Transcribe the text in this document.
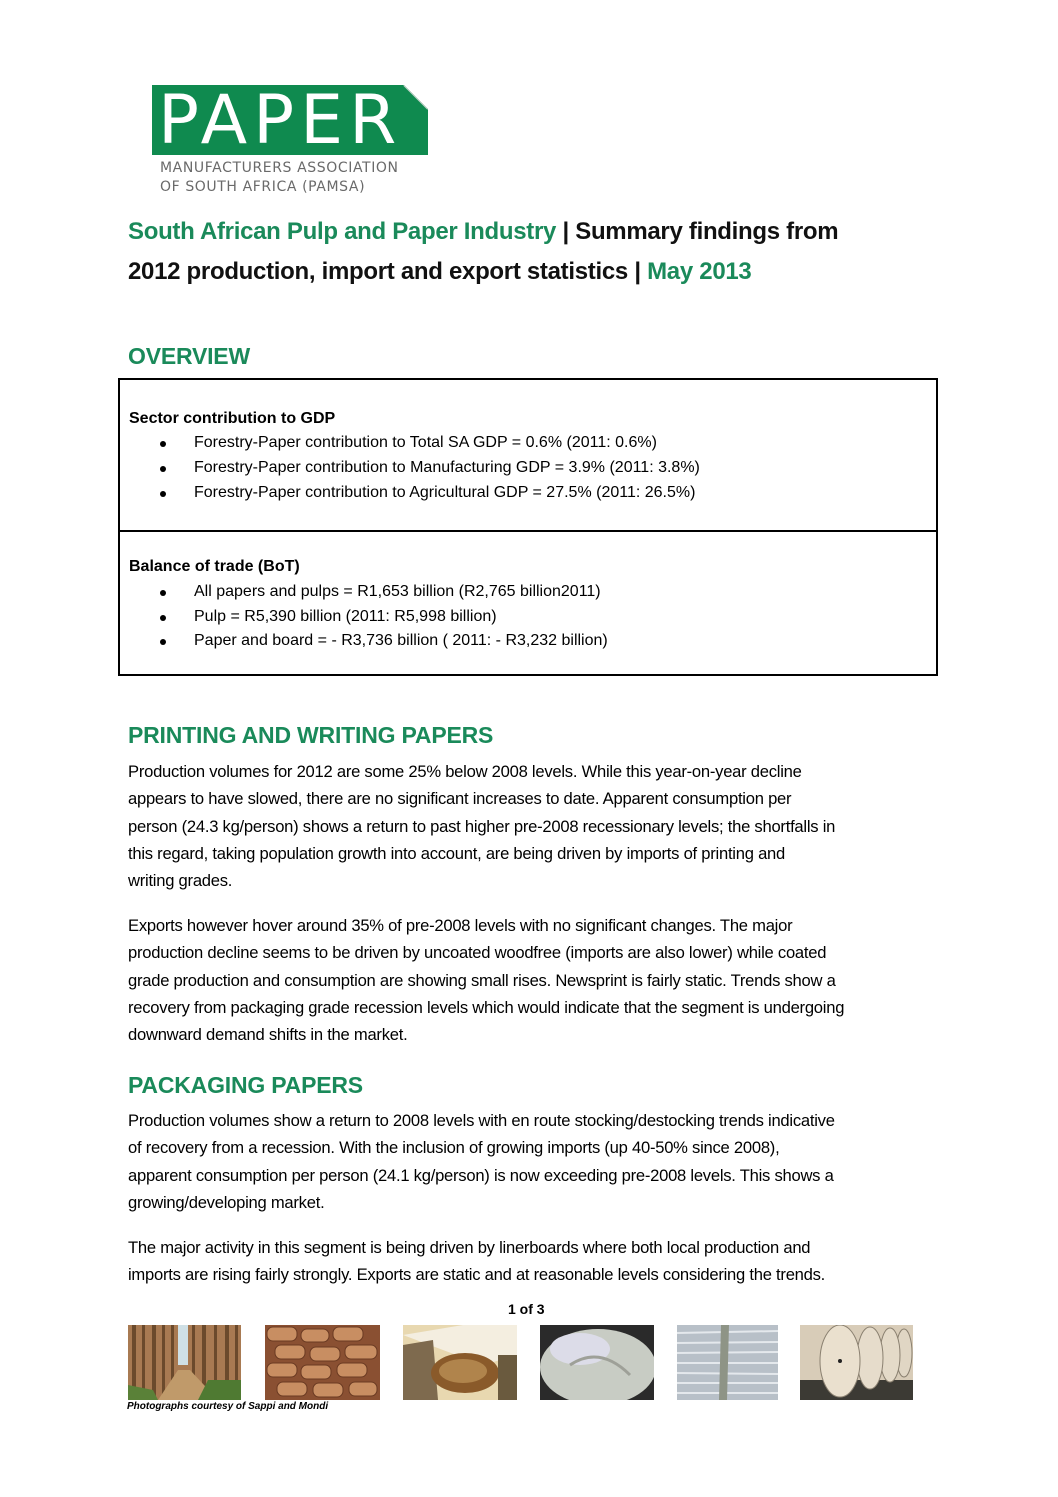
PAPER
MANUFACTURERS ASSOCIATION
OF SOUTH AFRICA (PAMSA)
South African Pulp and Paper Industry | Summary findings from
2012 production, import and export statistics | May 2013
OVERVIEW
Sector contribution to GDP
Forestry-Paper contribution to Total SA GDP = 0.6% (2011: 0.6%)
Forestry-Paper contribution to Manufacturing GDP = 3.9% (2011: 3.8%)
Forestry-Paper contribution to Agricultural GDP = 27.5% (2011: 26.5%)
Balance of trade (BoT)
All papers and pulps = R1,653 billion (R2,765 billion2011)
Pulp = R5,390 billion (2011: R5,998 billion)
Paper and board = - R3,736 billion ( 2011: - R3,232 billion)
PRINTING AND WRITING PAPERS
Production volumes for 2012 are some 25% below 2008 levels. While this year-on-year decline
appears to have slowed, there are no significant increases to date. Apparent consumption per
person (24.3 kg/person) shows a return to past higher pre-2008 recessionary levels; the shortfalls in
this regard, taking population growth into account, are being driven by imports of printing and
writing grades.
Exports however hover around 35% of pre-2008 levels with no significant changes. The major
production decline seems to be driven by uncoated woodfree (imports are also lower) while coated
grade production and consumption are showing small rises. Newsprint is fairly static. Trends show a
recovery from packaging grade recession levels which would indicate that the segment is undergoing
downward demand shifts in the market.
PACKAGING PAPERS
Production volumes show a return to 2008 levels with en route stocking/destocking trends indicative
of recovery from a recession. With the inclusion of growing imports (up 40-50% since 2008),
apparent consumption per person (24.1 kg/person) is now exceeding pre-2008 levels. This shows a
growing/developing market.
The major activity in this segment is being driven by linerboards where both local production and
imports are rising fairly strongly. Exports are static and at reasonable levels considering the trends.
1 of 3
Photographs courtesy of Sappi and Mondi
